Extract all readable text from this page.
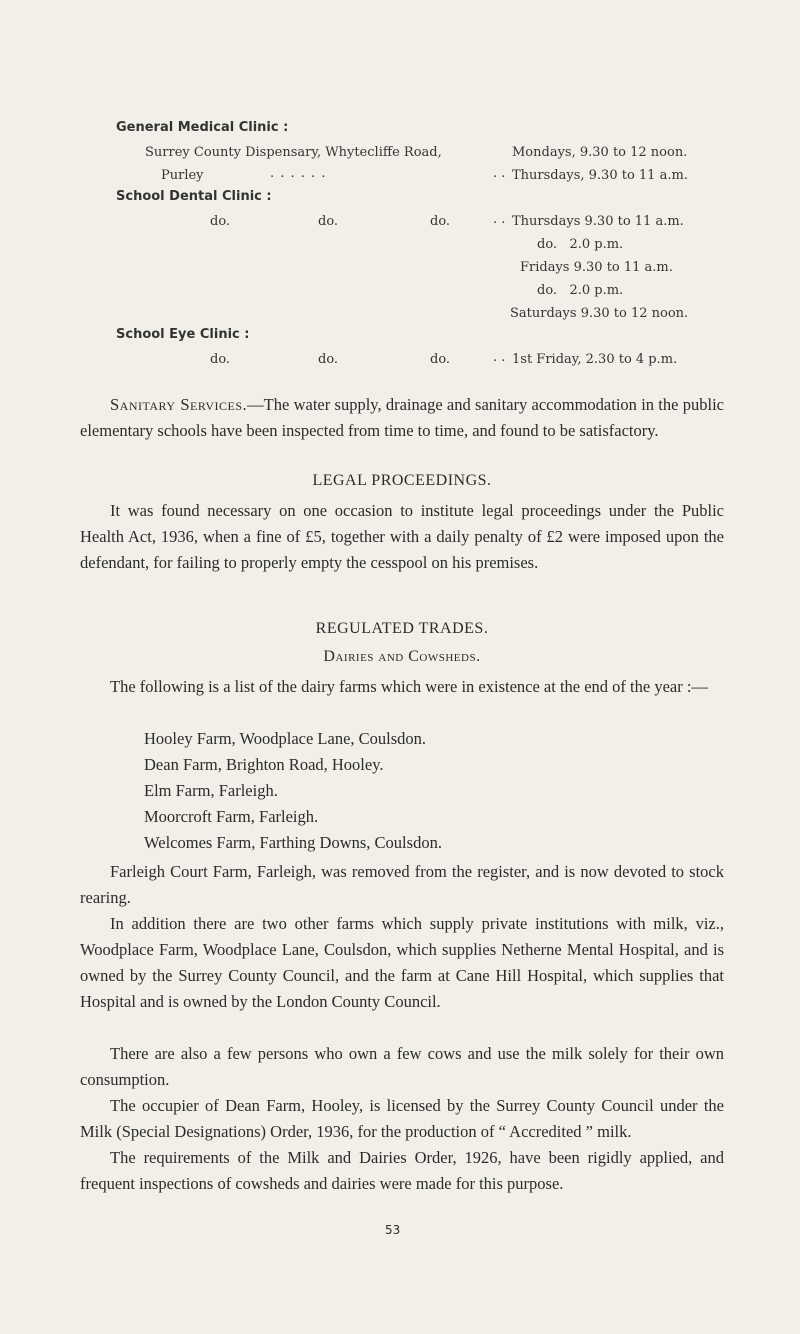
General Medical Clinic :
Surrey County Dispensary, Whytecliffe Road,	Mondays, 9.30 to 12 noon.
Purley	. . . . . .	. . Thursdays, 9.30 to 11 a.m.
School Dental Clinic :
do.	do.	do.	. . Thursdays 9.30 to 11 a.m.
do.   2.0 p.m.
Fridays 9.30 to 11 a.m.
do.   2.0 p.m.
Saturdays 9.30 to 12 noon.
School Eye Clinic :
do.	do.	do.	. . 1st Friday, 2.30 to 4 p.m.

Sanitary Services.—The water supply, drainage and sanitary accommodation in the public elementary schools have been inspected from time to time, and found to be satisfactory.

LEGAL PROCEEDINGS.

It was found necessary on one occasion to institute legal proceedings under the Public Health Act, 1936, when a fine of £5, together with a daily penalty of £2 were imposed upon the defendant, for failing to properly empty the cesspool on his premises.

REGULATED TRADES.
Dairies and Cowsheds.

The following is a list of the dairy farms which were in existence at the end of the year :—

Hooley Farm, Woodplace Lane, Coulsdon.
Dean Farm, Brighton Road, Hooley.
Elm Farm, Farleigh.
Moorcroft Farm, Farleigh.
Welcomes Farm, Farthing Downs, Coulsdon.

Farleigh Court Farm, Farleigh, was removed from the register, and is now devoted to stock rearing.

In addition there are two other farms which supply private institutions with milk, viz., Woodplace Farm, Woodplace Lane, Coulsdon, which supplies Netherne Mental Hospital, and is owned by the Surrey County Council, and the farm at Cane Hill Hospital, which supplies that Hospital and is owned by the London County Council.

There are also a few persons who own a few cows and use the milk solely for their own consumption.

The occupier of Dean Farm, Hooley, is licensed by the Surrey County Council under the Milk (Special Designations) Order, 1936, for the production of “ Accredited ” milk.

The requirements of the Milk and Dairies Order, 1926, have been rigidly applied, and frequent inspections of cowsheds and dairies were made for this purpose.

53
